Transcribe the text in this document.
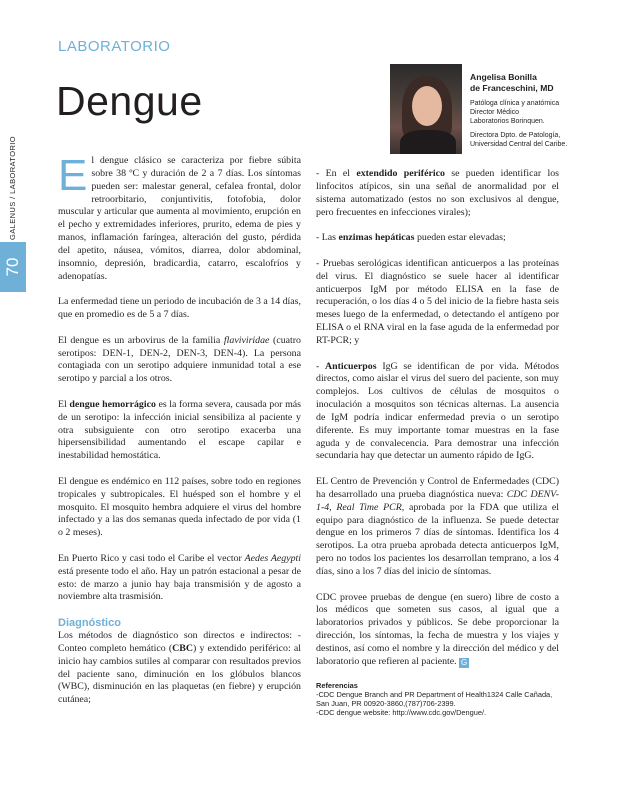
70
GALENUS / LABORATORIO
LABORATORIO
Dengue
Angelisa Bonilla
de Franceschini, MD
Patóloga clínica y anatómica
Director Médico
Laboratorios Borinquen.
Directora Dpto. de Patología,
Universidad Central del Caribe.

El dengue clásico se caracteriza por fiebre súbita sobre 38 ºC y duración de 2 a 7 días. Los síntomas pueden ser: malestar general, cefalea frontal, dolor retroorbitario, conjuntivitis, fotofobia, dolor muscular y articular que aumenta al movimiento, erupción en el pecho y extremidades inferiores, prurito, edema de pies y manos, inflamación faríngea, alteración del gusto, pérdida del apetito, náusea, vómitos, diarrea, dolor abdominal, insomnio, depresión, bradicardia, catarro, escalofríos y adenopatías.

La enfermedad tiene un periodo de incubación de 3 a 14 días, que en promedio es de 5 a 7 días.

El dengue es un arbovirus de la familia flaviviridae (cuatro serotipos: DEN-1, DEN-2, DEN-3, DEN-4). La persona contagiada con un serotipo adquiere inmunidad total a ese serotipo y parcial a los otros.

El dengue hemorrágico es la forma severa, causada por más de un serotipo: la infección inicial sensibiliza al paciente y otra subsiguiente con otro serotipo exacerba una hipersensibilidad aumentando el escape capilar e inestabilidad hemostática.

El dengue es endémico en 112 países, sobre todo en regiones tropicales y subtropicales. El huésped son el hombre y el mosquito. El mosquito hembra adquiere el virus del hombre infectado y a las dos semanas queda infectado de por vida (1 o 2 meses).

En Puerto Rico y casi todo el Caribe el vector Aedes Aegypti está presente todo el año. Hay un patrón estacional a pesar de esto: de marzo a junio hay baja transmisión y de agosto a noviembre alta trasmisión.

Diagnóstico

Los métodos de diagnóstico son directos e indirectos: - Conteo completo hemático (CBC) y extendido periférico: al inicio hay cambios sutiles al comparar con resultados previos del paciente sano, diminución en los glóbulos blancos (WBC), disminución en las plaquetas (en fiebre) y erupción cutánea;

- En el extendido periférico se pueden identificar los linfocitos atípicos, sin una señal de anormalidad por el sistema automatizado (estos no son exclusivos al dengue, pero frecuentes en infecciones virales);

- Las enzimas hepáticas pueden estar elevadas;

- Pruebas serológicas identifican anticuerpos a las proteínas del virus. El diagnóstico se suele hacer al identificar anticuerpos IgM por método ELISA en la fase de recuperación, o los días 4 o 5 del inicio de la fiebre hasta seis meses luego de la enfermedad, o detectando el antígeno por ELISA o el RNA viral en la fase aguda de la enfermedad por RT-PCR; y

- Anticuerpos IgG se identifican de por vida. Métodos directos, como aislar el virus del suero del paciente, son muy complejos. Los cultivos de células de mosquitos o inoculación a mosquitos son técnicas alternas. La ausencia de IgM podría indicar enfermedad previa o un serotipo diferente. Es muy importante tomar muestras en la fase aguda y de convalecencia. Para demostrar una infección secundaria hay que detectar un aumento rápido de IgG.

EL Centro de Prevención y Control de Enfermedades (CDC) ha desarrollado una prueba diagnóstica nueva: CDC DENV-1-4, Real Time PCR, aprobada por la FDA que utiliza el equipo para diagnóstico de la influenza. Se puede detectar dengue en los primeros 7 días de síntomas. Identifica los 4 serotipos. La otra prueba aprobada detecta anticuerpos IgM, pero no todos los pacientes los desarrollan temprano, a los 4 días, sino a los 7 días del inicio de síntomas.

CDC provee pruebas de dengue (en suero) libre de costo a los médicos que someten sus casos, al igual que a laboratorios privados y públicos. Se debe proporcionar la dirección, los síntomas, la fecha de muestra y los viajes y destinos, así como el nombre y la dirección del médico y del laboratorio que refieren al paciente. G

Referencias
-CDC Dengue Branch and PR Department of Health1324 Calle Cañada, San Juan, PR 00920-3860,(787)706-2399.
-CDC dengue website: http://www.cdc.gov/Dengue/.
